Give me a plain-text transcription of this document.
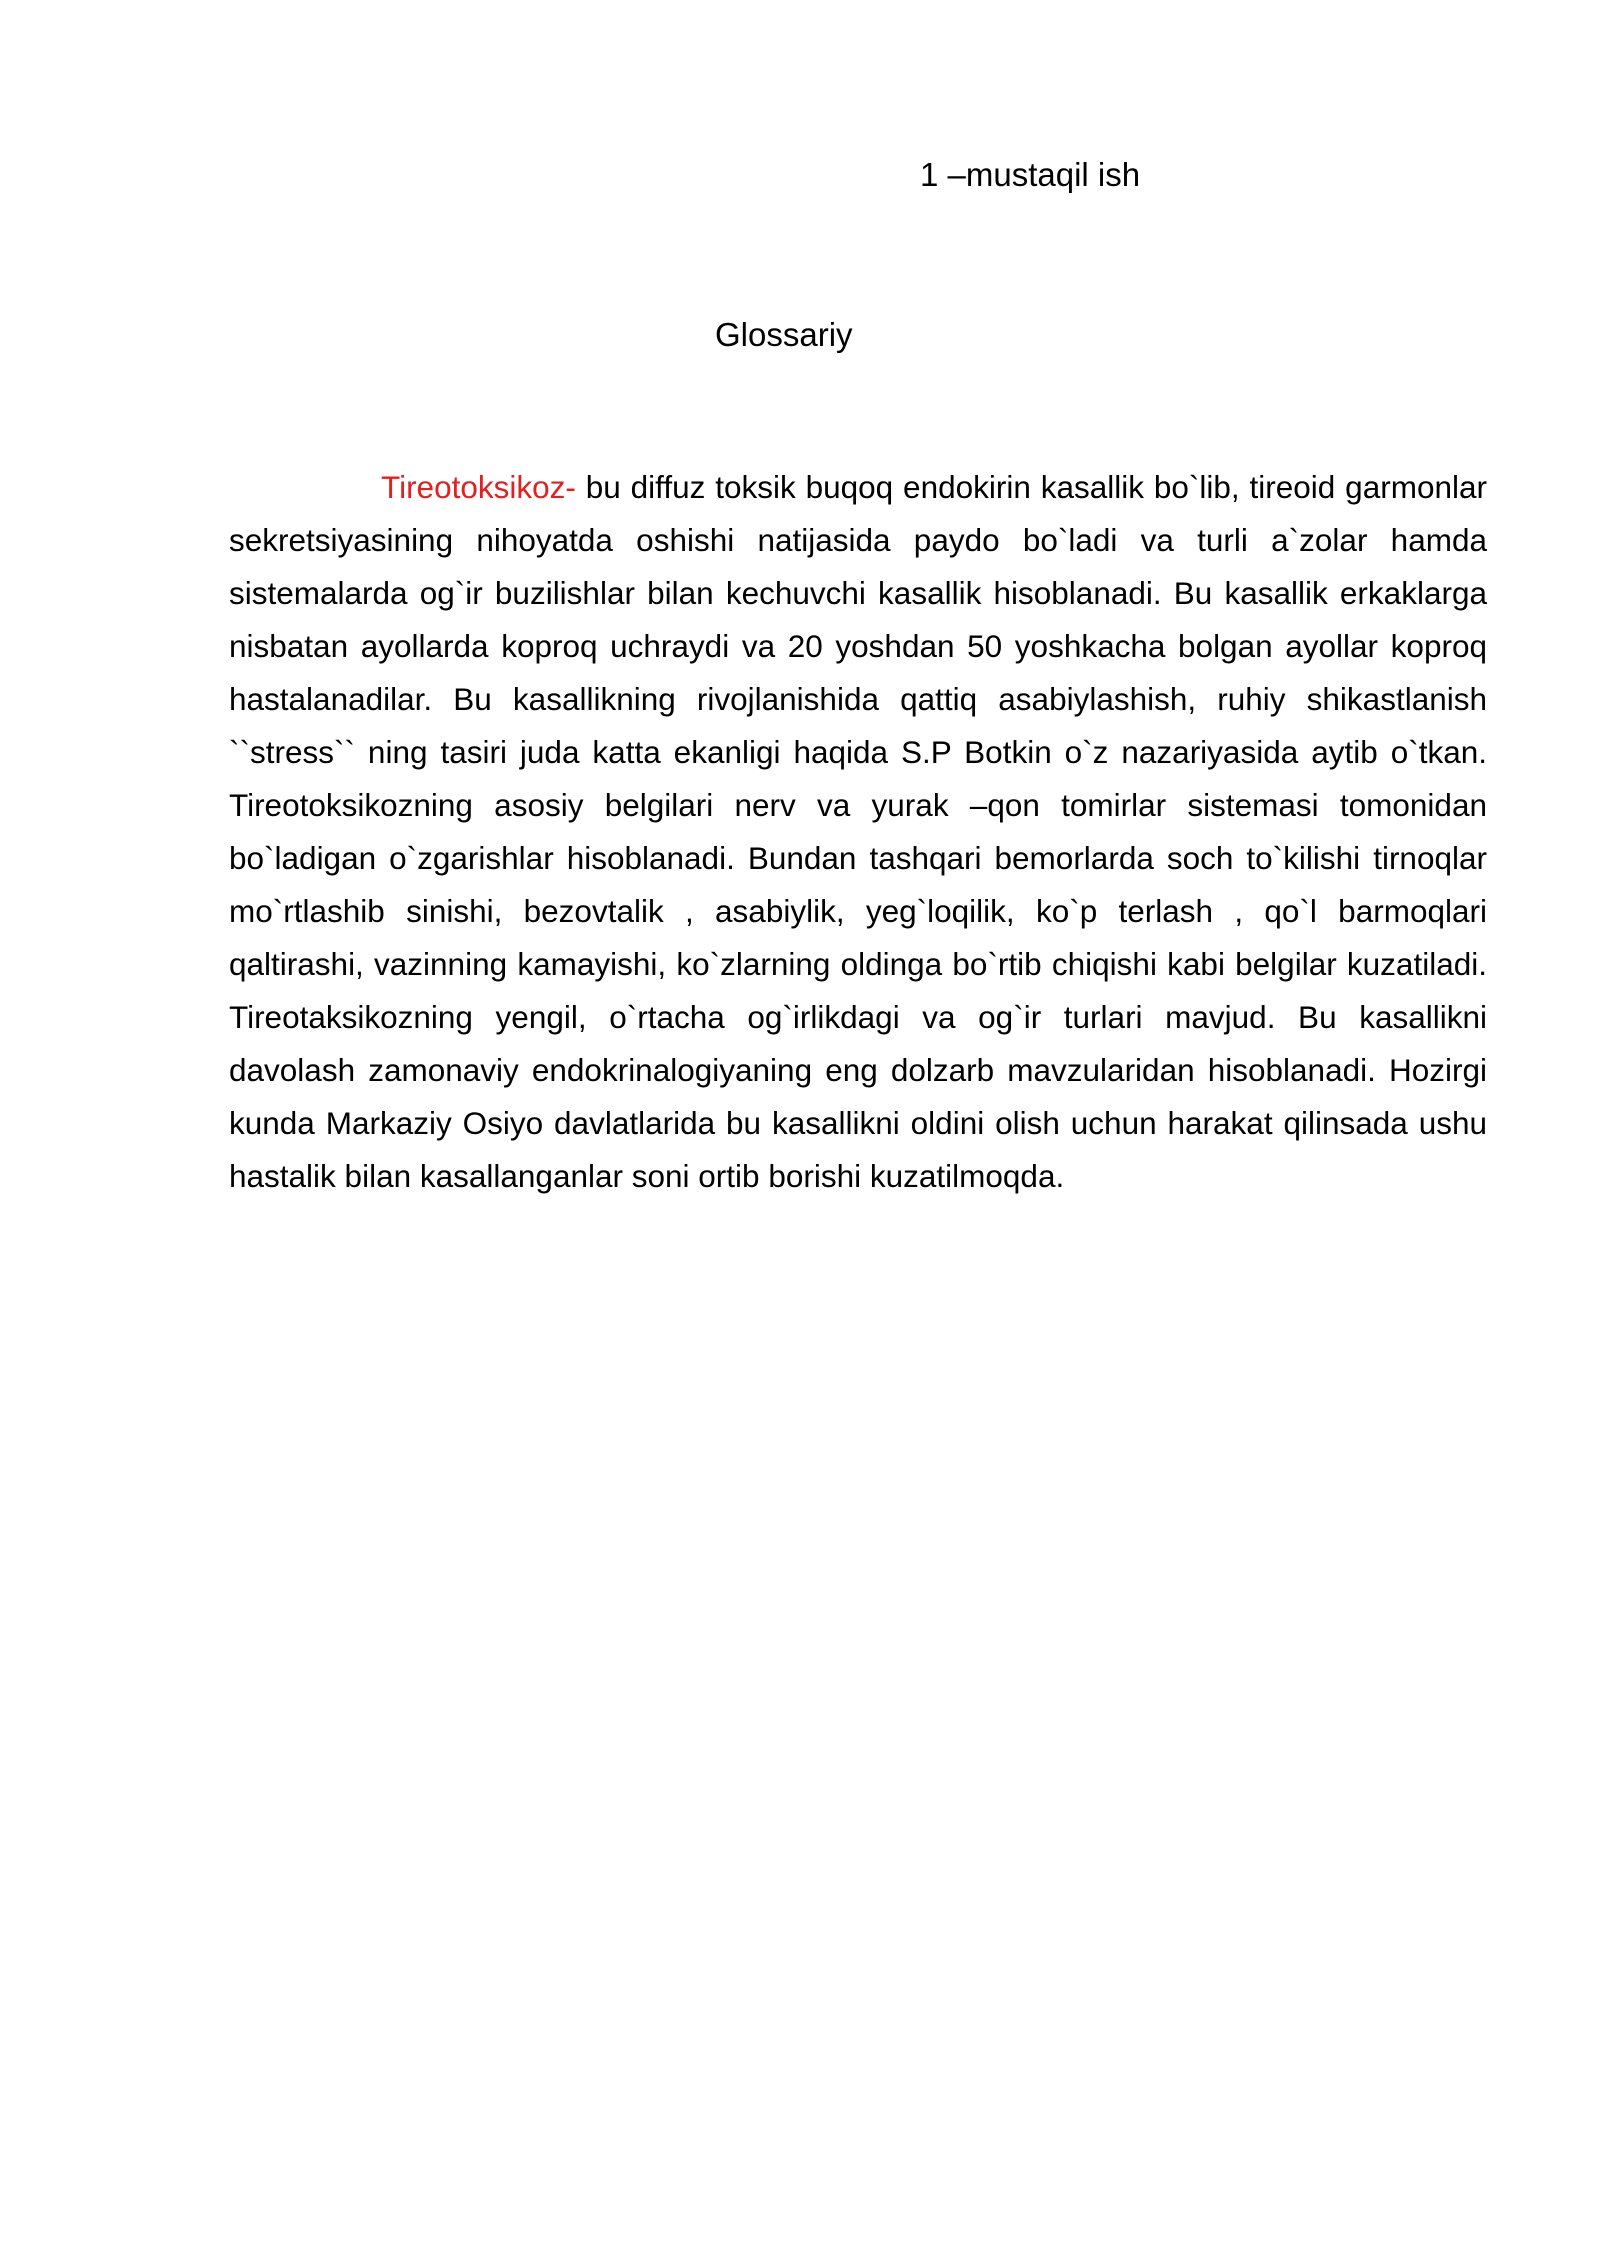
1 –mustaqil ish
Glossariy

Tireotoksikoz- bu diffuz toksik buqoq endokirin kasallik bo`lib, tireoid garmonlar sekretsiyasining nihoyatda oshishi natijasida paydo bo`ladi va turli a`zolar hamda sistemalarda og`ir buzilishlar bilan kechuvchi kasallik hisoblanadi. Bu kasallik erkaklarga nisbatan ayollarda koproq uchraydi va 20 yoshdan 50 yoshkacha bolgan ayollar koproq hastalanadilar. Bu kasallikning rivojlanishida qattiq asabiylashish, ruhiy shikastlanish ``stress`` ning tasiri juda katta ekanligi haqida S.P Botkin o`z nazariyasida aytib o`tkan. Tireotoksikozning asosiy belgilari nerv va yurak –qon tomirlar sistemasi tomonidan bo`ladigan o`zgarishlar hisoblanadi. Bundan tashqari bemorlarda soch to`kilishi tirnoqlar mo`rtlashib sinishi, bezovtalik , asabiylik, yeg`loqilik, ko`p terlash , qo`l barmoqlari qaltirashi, vazinning kamayishi, ko`zlarning oldinga bo`rtib chiqishi kabi belgilar kuzatiladi. Tireotaksikozning yengil, o`rtacha og`irlikdagi va og`ir turlari mavjud. Bu kasallikni davolash zamonaviy endokrinalogiyaning eng dolzarb mavzularidan hisoblanadi. Hozirgi kunda Markaziy Osiyo davlatlarida bu kasallikni oldini olish uchun harakat qilinsada ushu hastalik bilan kasallanganlar soni ortib borishi kuzatilmoqda.
